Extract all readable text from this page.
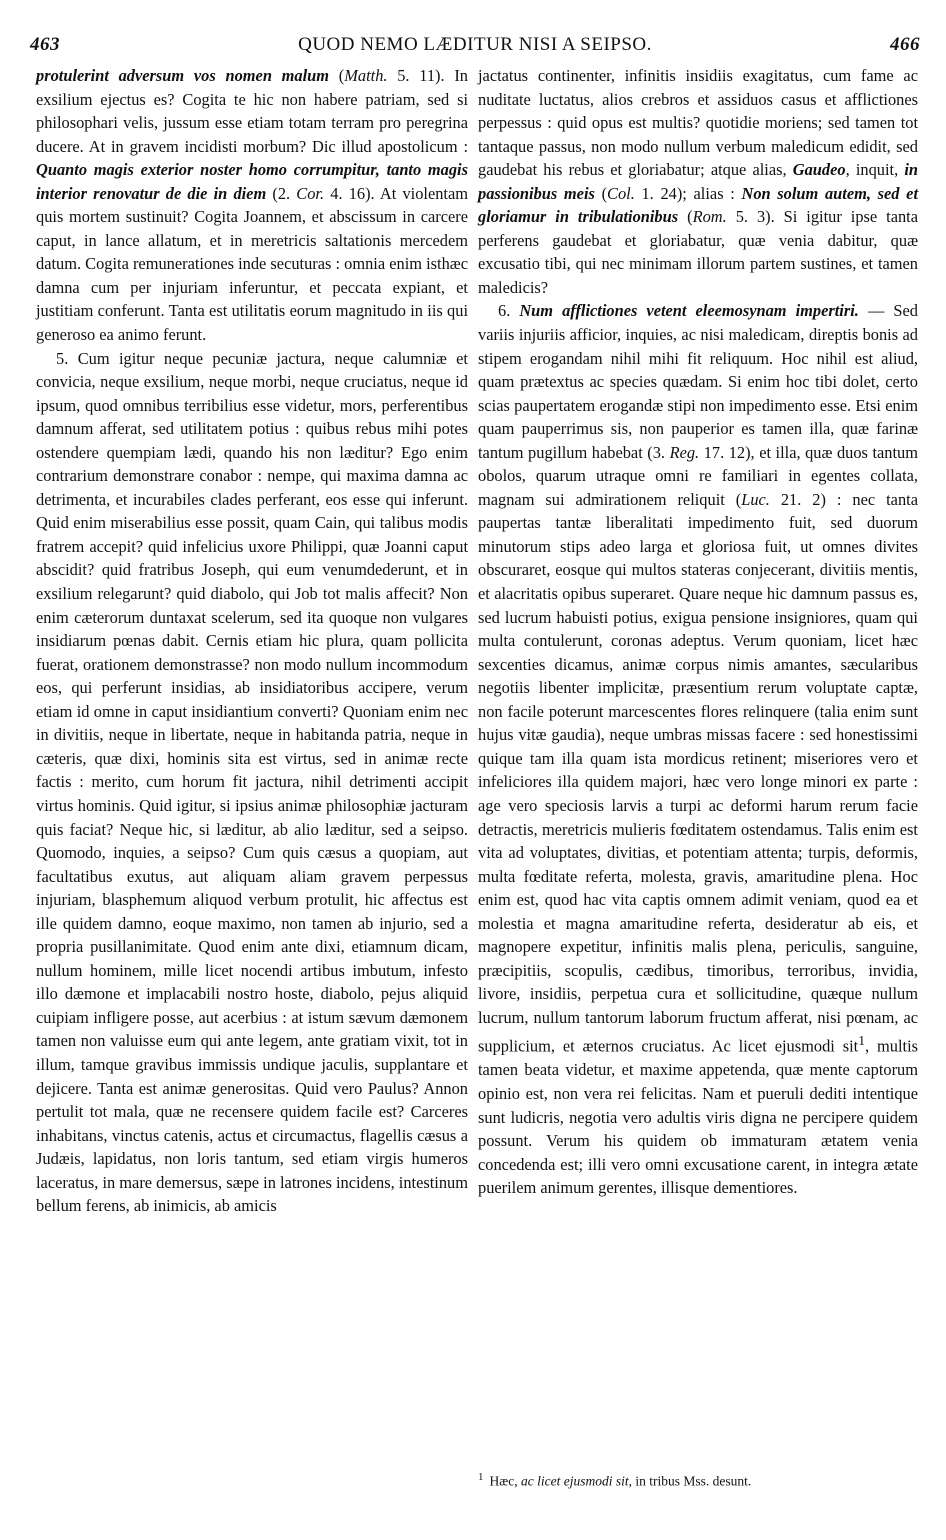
463	QUOD NEMO LÆDITUR NISI A SEIPSO.	466

protulerint adversum vos nomen malum (Matth. 5. 11). In exsilium ejectus es? Cogita te hic non habere patriam, sed si philosophari velis, jussum esse etiam totam terram pro peregrina ducere. At in gravem incidisti morbum? Dic illud apostolicum : Quanto magis exterior noster homo corrumpitur, tanto magis interior renovatur de die in diem (2. Cor. 4. 16). At violentam quis mortem sustinuit? Cogita Joannem, et abscissum in carcere caput, in lance allatum, et in meretricis saltationis mercedem datum. Cogita remunerationes inde secuturas : omnia enim isthæc damna cum per injuriam inferuntur, et peccata expiant, et justitiam conferunt. Tanta est utilitatis eorum magnitudo in iis qui generoso ea animo ferunt.

5. Cum igitur neque pecuniæ jactura, neque calumniæ et convicia, neque exsilium, neque morbi, neque cruciatus, neque id ipsum, quod omnibus terribilius esse videtur, mors, perferentibus damnum afferat, sed utilitatem potius : quibus rebus mihi potes ostendere quempiam lædi, quando his non læditur? Ego enim contrarium demonstrare conabor : nempe, qui maxima damna ac detrimenta, et incurabiles clades perferant, eos esse qui inferunt. Quid enim miserabilius esse possit, quam Cain, qui talibus modis fratrem accepit? quid infelicius uxore Philippi, quæ Joanni caput abscidit? quid fratribus Joseph, qui eum venumdederunt, et in exsilium relegarunt? quid diabolo, qui Job tot malis affecit? Non enim cæterorum duntaxat scelerum, sed ita quoque non vulgares insidiarum pœnas dabit. Cernis etiam hic plura, quam pollicita fuerat, orationem demonstrasse? non modo nullum incommodum eos, qui perferunt insidias, ab insidiatoribus accipere, verum etiam id omne in caput insidiantium converti? Quoniam enim nec in divitiis, neque in libertate, neque in habitanda patria, neque in cæteris, quæ dixi, hominis sita est virtus, sed in animæ recte factis : merito, cum horum fit jactura, nihil detrimenti accipit virtus hominis. Quid igitur, si ipsius animæ philosophiæ jacturam quis faciat? Neque hic, si læditur, ab alio læditur, sed a seipso. Quomodo, inquies, a seipso? Cum quis cæsus a quopiam, aut facultatibus exutus, aut aliquam aliam gravem perpessus injuriam, blasphemum aliquod verbum protulit, hic affectus est ille quidem damno, eoque maximo, non tamen ab injurio, sed a propria pusillanimitate. Quod enim ante dixi, etiamnum dicam, nullum hominem, mille licet nocendi artibus imbutum, infesto illo dæmone et implacabili nostro hoste, diabolo, pejus aliquid cuipiam infligere posse, aut acerbius : at istum sævum dæmonem tamen non valuisse eum qui ante legem, ante gratiam vixit, tot in illum, tamque gravibus immissis undique jaculis, supplantare et dejicere. Tanta est animæ generositas. Quid vero Paulus? Annon pertulit tot mala, quæ ne recensere quidem facile est? Carceres inhabitans, vinctus catenis, actus et circumactus, flagellis cæsus a Judæis, lapidatus, non loris tantum, sed etiam virgis humeros laceratus, in mare demersus, sæpe in latrones incidens, intestinum bellum ferens, ab inimicis, ab amicis

jactatus continenter, infinitis insidiis exagitatus, cum fame ac nuditate luctatus, alios crebros et assiduos casus et afflictiones perpessus : quid opus est multis? quotidie moriens; sed tamen tot tantaque passus, non modo nullum verbum maledicum edidit, sed gaudebat his rebus et gloriabatur; atque alias, Gaudeo, inquit, in passionibus meis (Col. 1. 24); alias : Non solum autem, sed et gloriamur in tribulationibus (Rom. 5. 3). Si igitur ipse tanta perferens gaudebat et gloriabatur, quæ venia dabitur, quæ excusatio tibi, qui nec minimam illorum partem sustines, et tamen maledicis?

6. Num afflictiones vetent eleemosynam impertiri. — Sed variis injuriis afficior, inquies, ac nisi maledicam, direptis bonis ad stipem erogandam nihil mihi fit reliquum. Hoc nihil est aliud, quam prætextus ac species quædam. Si enim hoc tibi dolet, certo scias paupertatem erogandæ stipi non impedimento esse. Etsi enim quam pauperrimus sis, non pauperior es tamen illa, quæ farinæ tantum pugillum habebat (3. Reg. 17. 12), et illa, quæ duos tantum obolos, quarum utraque omni re familiari in egentes collata, magnam sui admirationem reliquit (Luc. 21. 2) : nec tanta paupertas tantæ liberalitati impedimento fuit, sed duorum minutorum stips adeo larga et gloriosa fuit, ut omnes divites obscuraret, eosque qui multos stateras conjecerant, divitiis mentis, et alacritatis opibus superaret. Quare neque hic damnum passus es, sed lucrum habuisti potius, exigua pensione insigniores, quam qui multa contulerunt, coronas adeptus. Verum quoniam, licet hæc sexcenties dicamus, animæ corpus nimis amantes, sæcularibus negotiis libenter implicitæ, præsentium rerum voluptate captæ, non facile poterunt marcescentes flores relinquere (talia enim sunt hujus vitæ gaudia), neque umbras missas facere : sed honestissimi quique tam illa quam ista mordicus retinent; miseriores vero et infeliciores illa quidem majori, hæc vero longe minori ex parte : age vero speciosis larvis a turpi ac deformi harum rerum facie detractis, meretricis mulieris fœditatem ostendamus. Talis enim est vita ad voluptates, divitias, et potentiam attenta; turpis, deformis, multa fœditate referta, molesta, gravis, amaritudine plena. Hoc enim est, quod hac vita captis omnem adimit veniam, quod ea et molestia et magna amaritudine referta, desideratur ab eis, et magnopere expetitur, infinitis malis plena, periculis, sanguine, præcipitiis, scopulis, cædibus, timoribus, terroribus, invidia, livore, insidiis, perpetua cura et sollicitudine, quæque nullum lucrum, nullum tantorum laborum fructum afferat, nisi pœnam, ac supplicium, et æternos cruciatus. Ac licet ejusmodi sit$^1$, multis tamen beata videtur, et maxime appetenda, quæ mente captorum opinio est, non vera rei felicitas. Nam et pueruli dediti intentique sunt ludicris, negotia vero adultis viris digna ne percipere quidem possunt. Verum his quidem ob immaturam ætatem venia concedenda est; illi vero omni excusatione carent, in integra ætate puerilem animum gerentes, illisque dementiores.

$^1$ Hæc, ac licet ejusmodi sit, in tribus Mss. desunt.
